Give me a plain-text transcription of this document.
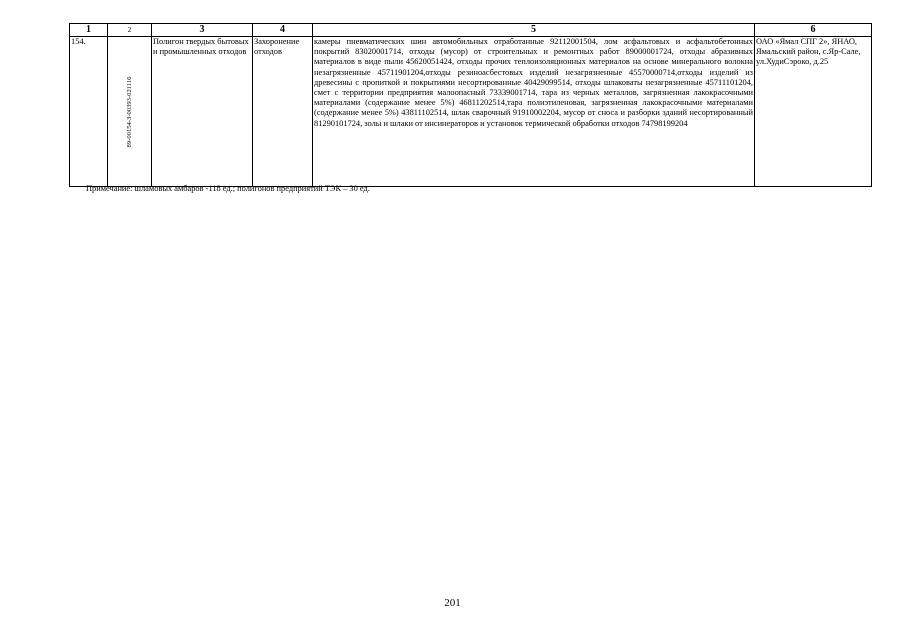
1	2	3	4	5	6
154.	89-00154-З-00393-021116	Полигон твердых бытовых и промышленных отходов	Захоронение отходов	камеры пневматических шин автомобильных отработанные 92112001504, лом асфальтовых и асфальтобетонных покрытий 83020001714, отходы (мусор) от строительных и ремонтных работ 89000001724, отходы абразивных материалов в виде пыли 45620051424, отходы прочих теплоизоляционных материалов на основе минерального волокна незагрязненные 45711901204,отходы резиноасбестовых изделий незагрязненные 45570000714,отходы изделий из древесины с пропиткой и покрытиями несортированные 40429099514, отходы шлаковаты незагрязненные 45711101204, смет с территории предприятия малоопасный 73339001714, тара из черных металлов, загрязненная лакокрасочными материалами (содержание менее 5%) 46811202514,тара полиэтиленовая, загрязненная лакокрасочными материалами (содержание менее 5%) 43811102514, шлак сварочный 91910002204, мусор от сноса и разборки зданий несортированный 81290101724, золы и шлаки от инсинераторов и установок термической обработки отходов 74798199204	ОАО «Ямал СПГ 2», ЯНАО, Ямальский район, с.Яр-Сале, ул.ХудиСэроко, д.25
Примечание: шламовых амбаров -118 ед.; полигонов предприятий ТЭК – 30 ед.
201
